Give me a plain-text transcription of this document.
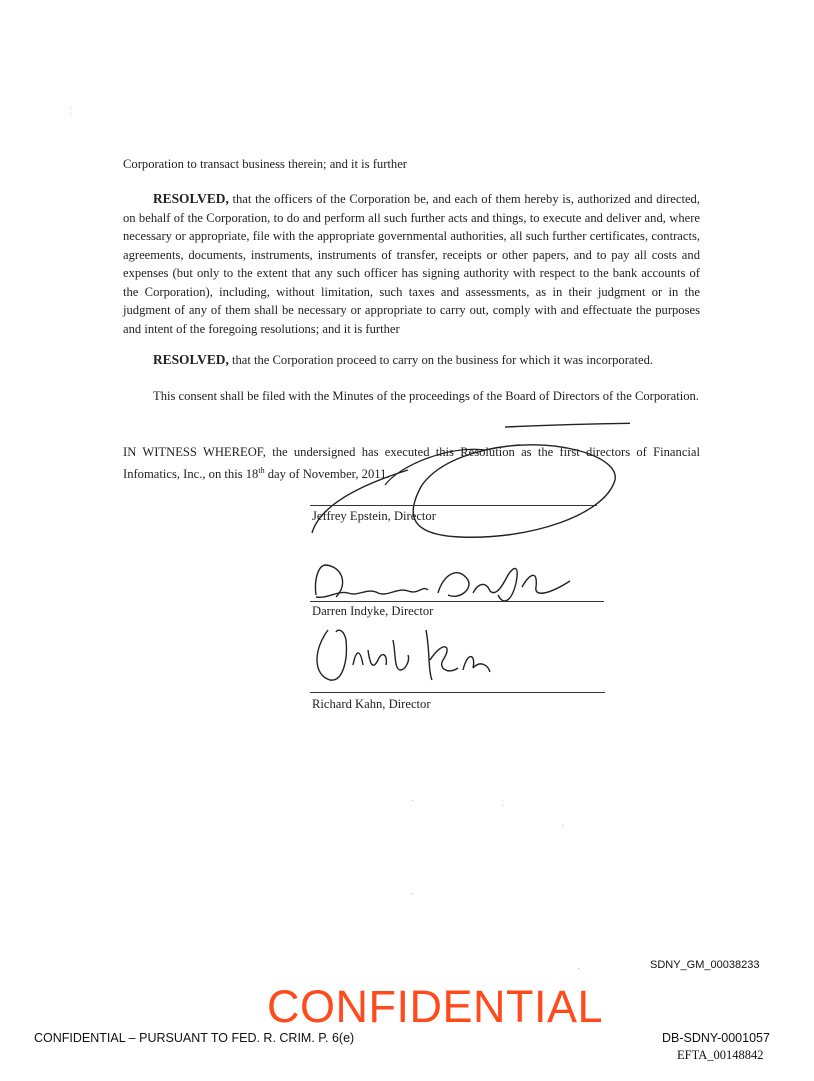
Corporation to transact business therein; and it is further
RESOLVED, that the officers of the Corporation be, and each of them hereby is, authorized and directed, on behalf of the Corporation, to do and perform all such further acts and things, to execute and deliver and, where necessary or appropriate, file with the appropriate governmental authorities, all such further certificates, contracts, agreements, documents, instruments, instruments of transfer, receipts or other papers, and to pay all costs and expenses (but only to the extent that any such officer has signing authority with respect to the bank accounts of the Corporation), including, without limitation, such taxes and assessments, as in their judgment or in the judgment of any of them shall be necessary or appropriate to carry out, comply with and effectuate the purposes and intent of the foregoing resolutions; and it is further
RESOLVED, that the Corporation proceed to carry on the business for which it was incorporated.
This consent shall be filed with the Minutes of the proceedings of the Board of Directors of the Corporation.
IN WITNESS WHEREOF, the undersigned has executed this Resolution as the first directors of Financial Infomatics, Inc., on this 18th day of November, 2011.
Jeffrey Epstein, Director
Darren Indyke, Director
Richard Kahn, Director
SDNY_GM_00038233
CONFIDENTIAL
CONFIDENTIAL – PURSUANT TO FED. R. CRIM. P. 6(e)	DB-SDNY-0001057
EFTA_00148842
